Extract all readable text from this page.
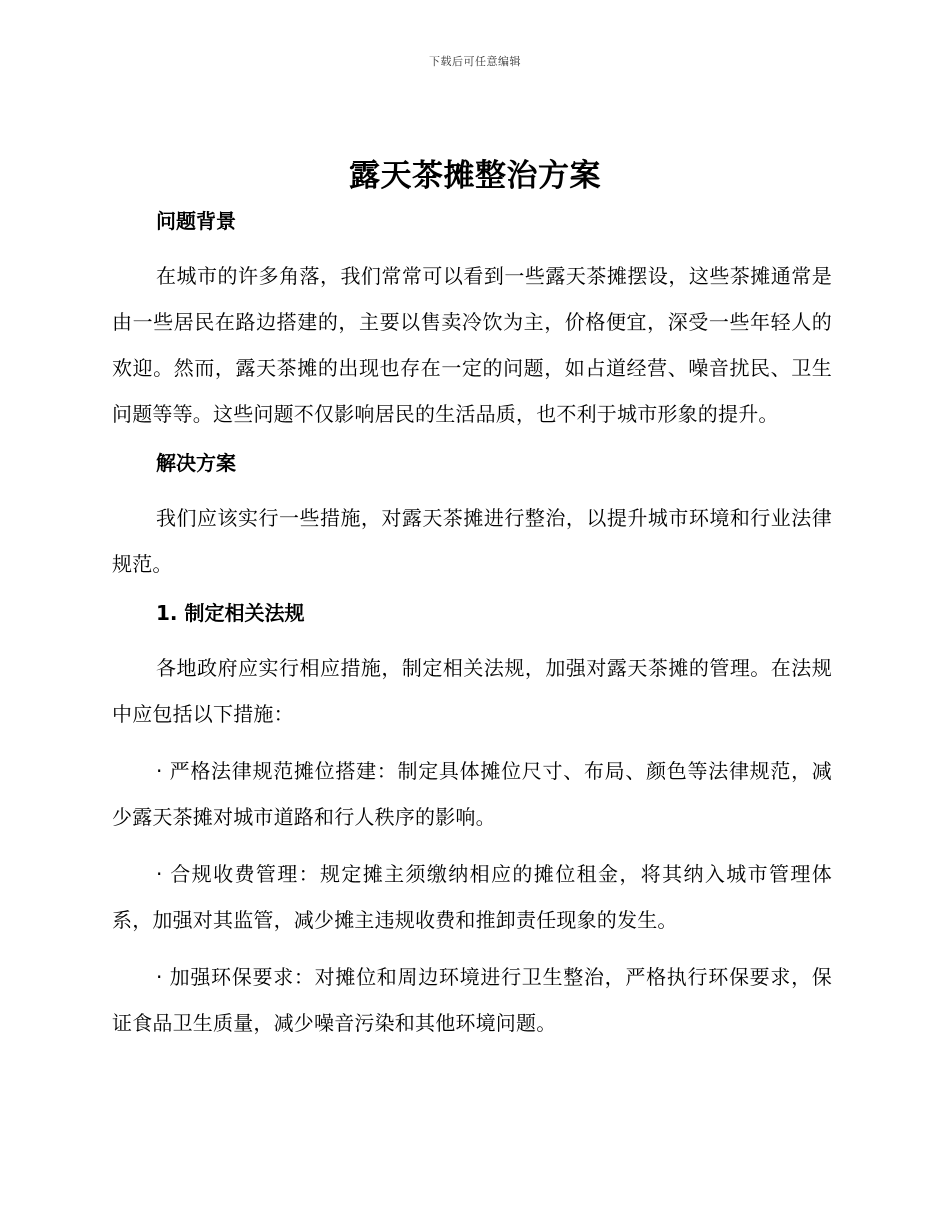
下载后可任意编辑
露天茶摊整治方案
问题背景

在城市的许多角落，我们常常可以看到一些露天茶摊摆设，这些茶摊通常是由一些居民在路边搭建的，主要以售卖冷饮为主，价格便宜，深受一些年轻人的欢迎。然而，露天茶摊的出现也存在一定的问题，如占道经营、噪音扰民、卫生问题等等。这些问题不仅影响居民的生活品质，也不利于城市形象的提升。

解决方案

我们应该实行一些措施，对露天茶摊进行整治，以提升城市环境和行业法律规范。

1. 制定相关法规

各地政府应实行相应措施，制定相关法规，加强对露天茶摊的管理。在法规中应包括以下措施：

· 严格法律规范摊位搭建：制定具体摊位尺寸、布局、颜色等法律规范，减少露天茶摊对城市道路和行人秩序的影响。

· 合规收费管理：规定摊主须缴纳相应的摊位租金，将其纳入城市管理体系，加强对其监管，减少摊主违规收费和推卸责任现象的发生。

· 加强环保要求：对摊位和周边环境进行卫生整治，严格执行环保要求，保证食品卫生质量，减少噪音污染和其他环境问题。
